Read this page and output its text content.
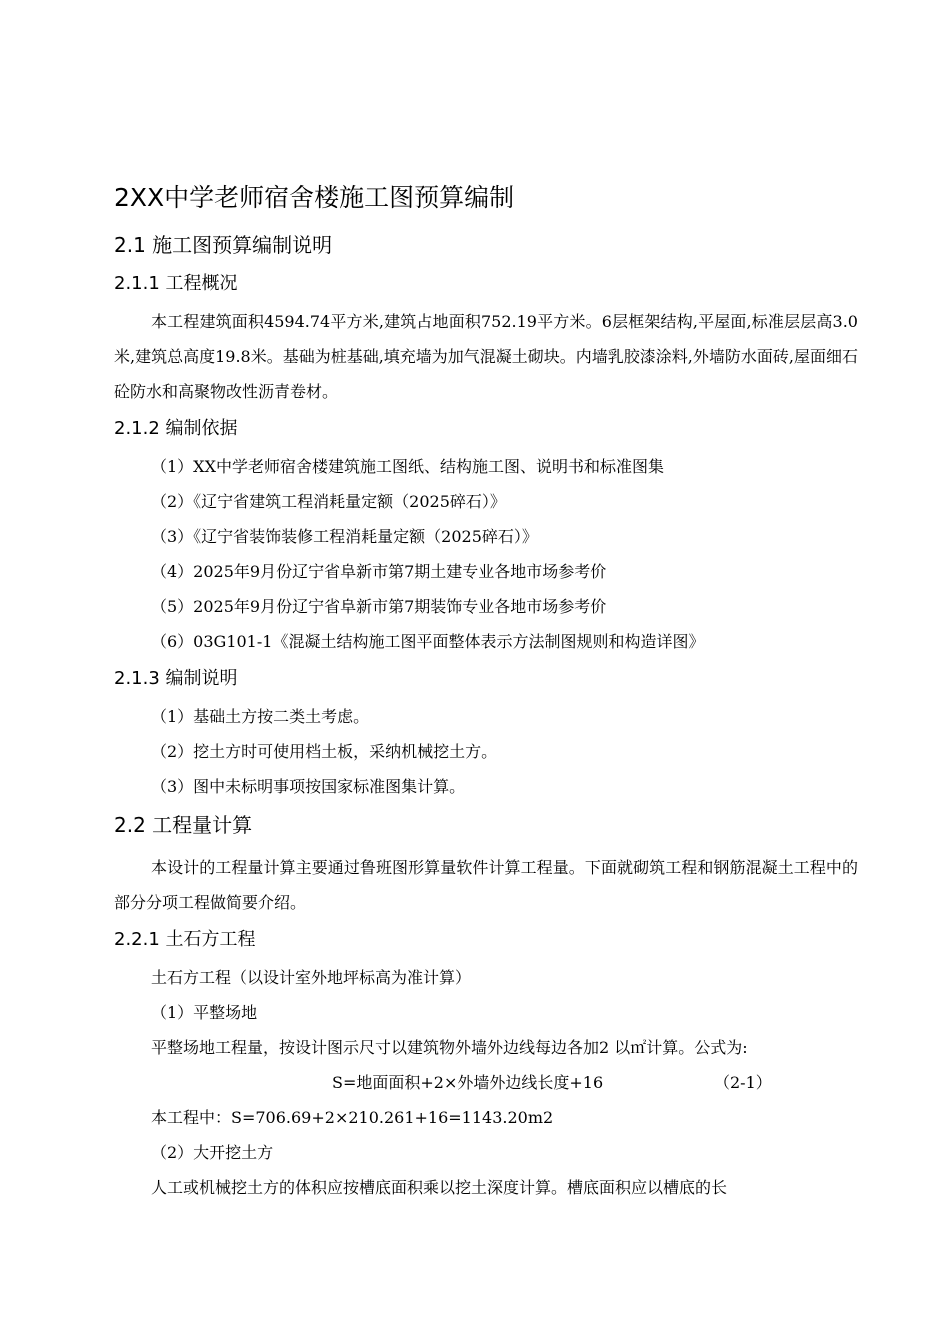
2XX中学老师宿舍楼施工图预算编制
2.1 施工图预算编制说明
2.1.1 工程概况

本工程建筑面积4594.74平方米,建筑占地面积752.19平方米。6层框架结构,平屋面,标准层层高3.0米,建筑总高度19.8米。基础为桩基础,填充墙为加气混凝土砌块。内墙乳胶漆涂料,外墙防水面砖,屋面细石砼防水和高聚物改性沥青卷材。

2.1.2 编制依据

（1）XX中学老师宿舍楼建筑施工图纸、结构施工图、说明书和标准图集

（2）《辽宁省建筑工程消耗量定额（2025碎石）》

（3）《辽宁省装饰装修工程消耗量定额（2025碎石）》

（4）2025年9月份辽宁省阜新市第7期土建专业各地市场参考价

（5）2025年9月份辽宁省阜新市第7期装饰专业各地市场参考价

（6）03G101-1《混凝土结构施工图平面整体表示方法制图规则和构造详图》

2.1.3 编制说明

（1）基础土方按二类土考虑。

（2）挖土方时可使用档土板，采纳机械挖土方。

（3）图中未标明事项按国家标准图集计算。

2.2 工程量计算

本设计的工程量计算主要通过鲁班图形算量软件计算工程量。下面就砌筑工程和钢筋混凝土工程中的部分分项工程做简要介绍。

2.2.1 土石方工程

土石方工程（以设计室外地坪标高为准计算）

（1）平整场地

平整场地工程量，按设计图示尺寸以建筑物外墙外边线每边各加2 以㎡计算。公式为:

S=地面面积+2×外墙外边线长度+16	（2-1）

本工程中：S=706.69+2×210.261+16=1143.20m2

（2）大开挖土方

人工或机械挖土方的体积应按槽底面积乘以挖土深度计算。槽底面积应以槽底的长
